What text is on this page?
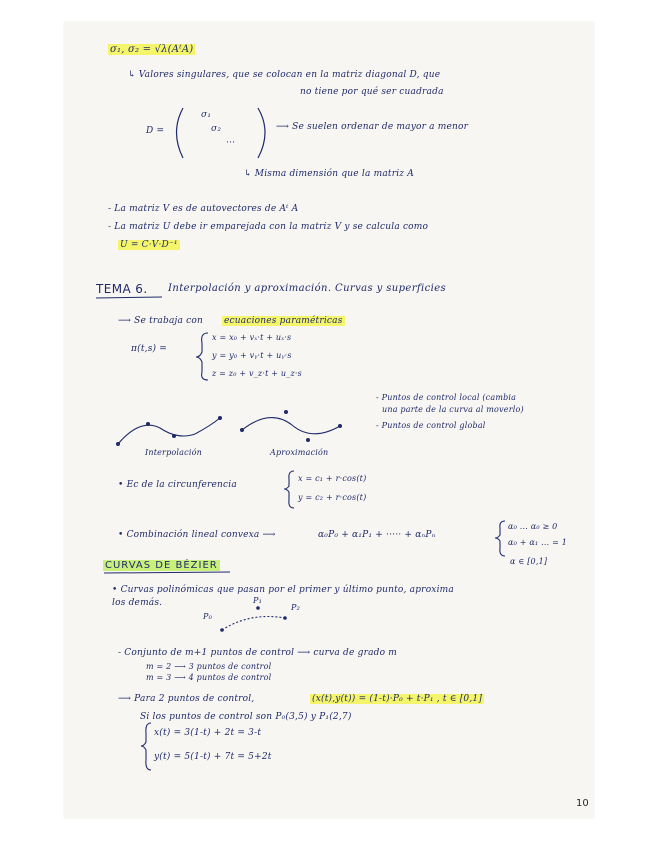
σ₁, σ₂ = √λ(AᵗA)
↳ Valores singulares, que se colocan en la matriz diagonal D, que
no tiene por qué ser cuadrada
D =
σ₁
σ₂
···
⟶ Se suelen ordenar de mayor a menor
↳ Misma dimensión que la matriz A
- La matriz V es de autovectores de Aᵗ A
- La matriz U debe ir emparejada con la matriz V y se calcula como
U = C·V·D⁻¹
TEMA 6. Interpolación y aproximación. Curvas y superficies
⟶ Se trabaja con ecuaciones paramétricas
π(t,s) =
x = x₀ + vₓ·t + uₓ·s
y = y₀ + vᵧ·t + uᵧ·s
z = z₀ + v_z·t + u_z·s
- Puntos de control local (cambia
una parte de la curva al moverlo)
- Puntos de control global
Interpolación	Aproximación
• Ec de la circunferencia
x = c₁ + r·cos(t)
y = c₂ + r·cos(t)
• Combinación lineal convexa ⟶	α₀P₀ + α₁P₁ + ····· + αₙPₙ
α₀ ... α₀ ≥ 0
α₀ + α₁ ... = 1
α ∈ [0,1]
CURVAS DE BÉZIER
• Curvas polinómicas que pasan por el primer y último punto, aproxima
los demás.
P₀
P₁
P₂
- Conjunto de m+1 puntos de control ⟶ curva de grado m
m = 2 ⟶ 3 puntos de control
m = 3 ⟶ 4 puntos de control
⟶ Para 2 puntos de control,	(x(t),y(t)) = (1-t)·P₀ + t·P₁ , t ∈ [0,1]
Si los puntos de control son P₀(3,5) y P₁(2,7)
x(t) = 3(1-t) + 2t = 3-t
y(t) = 5(1-t) + 7t = 5+2t
10
